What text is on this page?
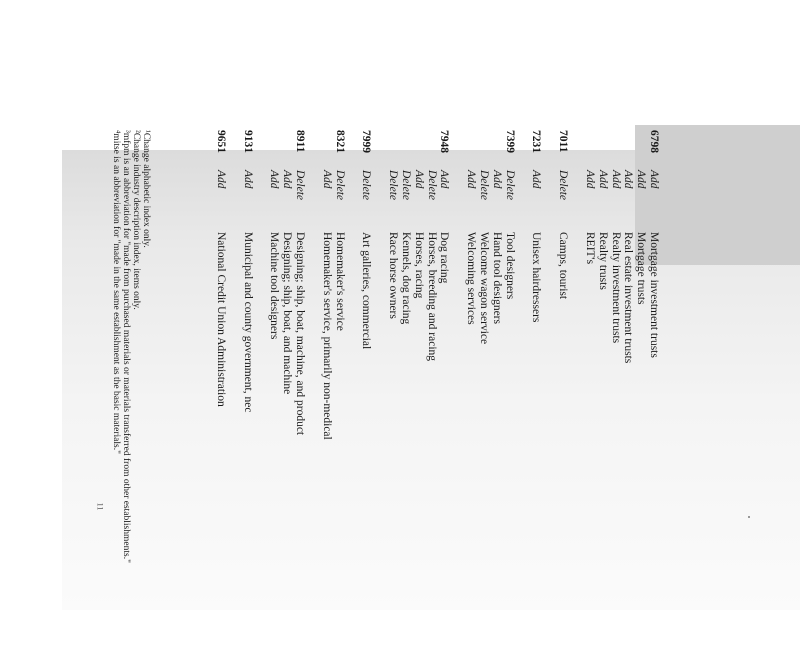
¹Change alphabetic index only.
²Change industry description index, items only.
³mfpm is an abbreviation for "made from purchased materials or materials transferred from other establishments."
⁴mitse is an abbreviation for "made in the same establishment as the basic materials."	6798
Add
Mortgage investment trusts
Add
Mortgage trusts
Add
Real estate investment trusts
Add
Realty investment trusts
Add
Realty trusts
Add
REIT's
7011
Delete
Camps, tourist
7231
Add
Unisex hairdressers
7399
Delete
Tool designers
Add
Hand tool designers
Delete
Welcome wagon service
Add
Welcoming services
7948
Add
Dog racing
Delete
Horses, breeding and racing
Add
Horses, racing
Delete
Kennels, dog racing
Delete
Race horse owners
7999
Delete
Art galleries, commercial
8321
Delete
Homemaker's service
Add
Homemaker's service, primarily non-medical
8911
Delete
Designing; ship, boat, machine, and product
Add
Designing; ship, boat, and machine
Add
Machine tool designers
9131
Add
Municipal and county government, nec
9651
Add
National Credit Union Administration
11
